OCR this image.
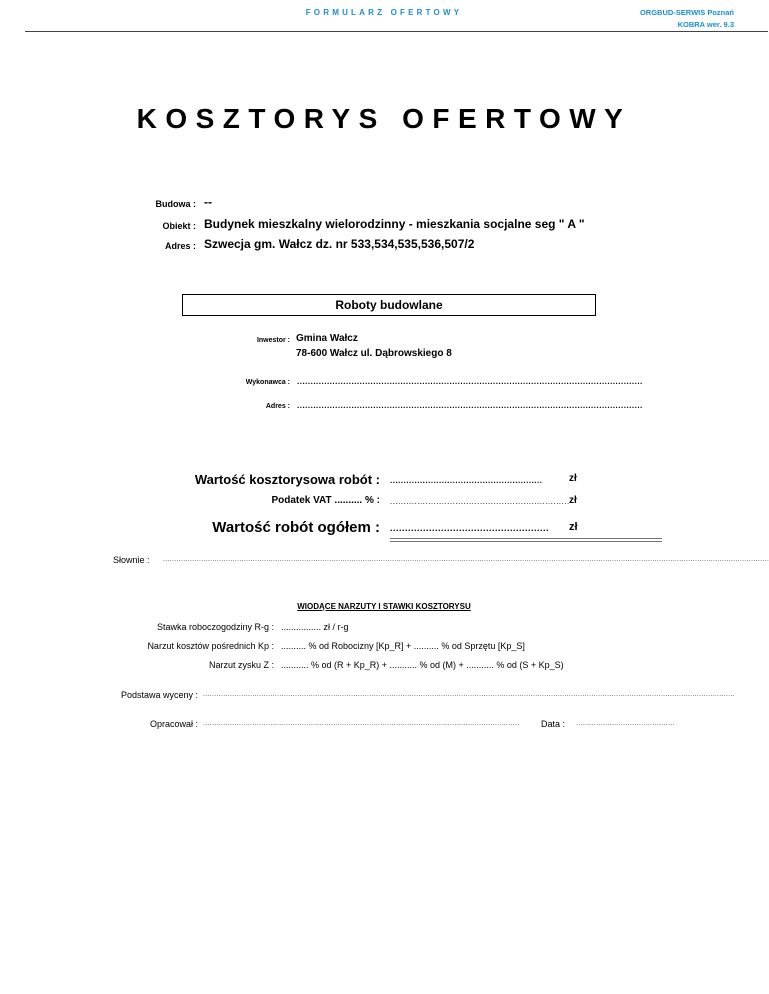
FORMULARZ OFERTOWY	ORGBUD-SERWIS Poznań
KOBRA wer. 9.3
KOSZTORYS OFERTOWY
Budowa : --
Obiekt : Budynek mieszkalny wielorodzinny - mieszkania socjalne seg " A "
Adres : Szwecja gm. Wałcz dz. nr 533,534,535,536,507/2
Roboty budowlane
Inwestor : Gmina Wałcz
78-600 Wałcz ul. Dąbrowskiego 8
Wykonawca : ...............................................................................................................................
Adres : ...............................................................................................................................
Wartość kosztorysowa robót : ........................................................	zł
Podatek VAT .......... % : .................................................................. zł
Wartość robót ogółem : .....................................................	zł
Słownie : ..............................................................................................................................................................................................................................................................................
WIODĄCE NARZUTY I STAWKI KOSZTORYSU
Stawka roboczogodziny R-g : ................ zł / r-g
Narzut kosztów pośrednich Kp : .......... % od Robocizny [Kp_R] + .......... % od Sprzętu [Kp_S]
Narzut zysku Z : ........... % od (R + Kp_R) + ........... % od (M) + ........... % od (S + Kp_S)
Podstawa wyceny : .............................................................................................................................................................................................................................................
Opracował : ............................................................................................................................................. Data : ............................................
